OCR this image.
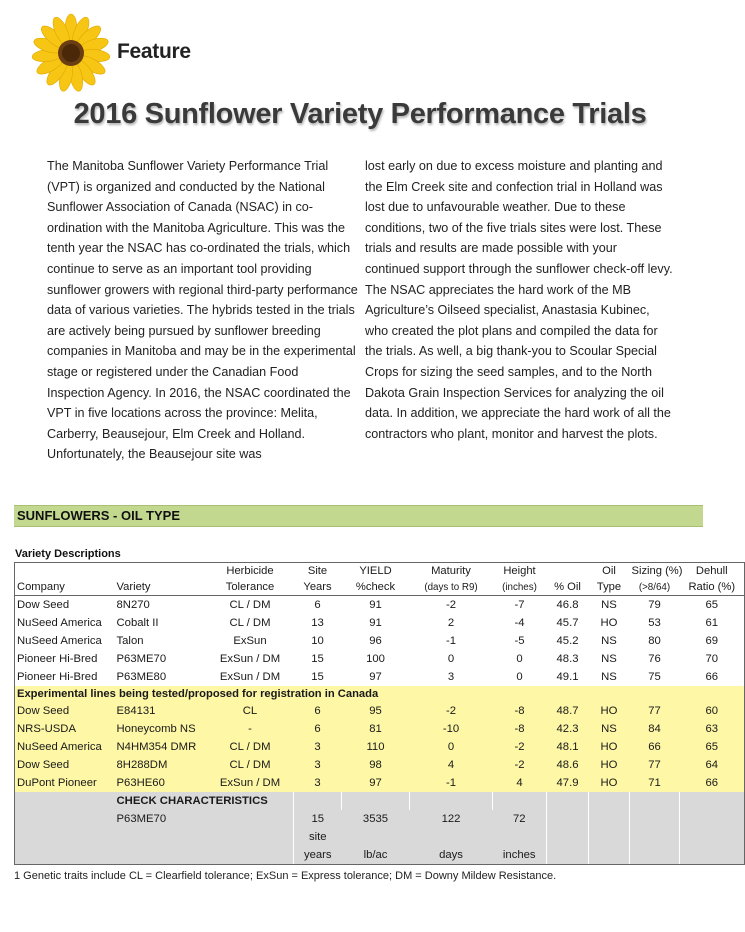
Feature
2016 Sunflower Variety Performance Trials

The Manitoba Sunflower Variety Performance Trial (VPT) is organized and conducted by the National Sunflower Association of Canada (NSAC) in co-ordination with the Manitoba Agriculture. This was the tenth year the NSAC has co-ordinated the trials, which continue to serve as an important tool providing sunflower growers with regional third-party performance data of various varieties. The hybrids tested in the trials are actively being pursued by sunflower breeding companies in Manitoba and may be in the experimental stage or registered under the Canadian Food Inspection Agency. In 2016, the NSAC coordinated the VPT in five locations across the province: Melita, Carberry, Beausejour, Elm Creek and Holland. Unfortunately, the Beausejour site was

lost early on due to excess moisture and planting and the Elm Creek site and confection trial in Holland was lost due to unfavourable weather. Due to these conditions, two of the five trials sites were lost. These trials and results are made possible with your continued support through the sunflower check-off levy. The NSAC appreciates the hard work of the MB Agriculture’s Oilseed specialist, Anastasia Kubinec, who created the plot plans and compiled the data for the trials. As well, a big thank-you to Scoular Special Crops for sizing the seed samples, and to the North Dakota Grain Inspection Services for analyzing the oil data. In addition, we appreciate the hard work of all the contractors who plant, monitor and harvest the plots.

SUNFLOWERS - OIL TYPE
Variety Descriptions
		Herbicide	Site	YIELD	Maturity	Height		Oil	Sizing (%)	Dehull
Company	Variety	Tolerance	Years	%check	(days to R9)	(inches)	% Oil	Type	(>8/64)	Ratio (%)
Dow Seed	8N270	CL / DM	6	91	-2	-7	46.8	NS	79	65
NuSeed America	Cobalt II	CL / DM	13	91	2	-4	45.7	HO	53	61
NuSeed America	Talon	ExSun	10	96	-1	-5	45.2	NS	80	69
Pioneer Hi-Bred	P63ME70	ExSun / DM	15	100	0	0	48.3	NS	76	70
Pioneer Hi-Bred	P63ME80	ExSun / DM	15	97	3	0	49.1	NS	75	66
Experimental lines being tested/proposed for registration in Canada										
Dow Seed	E84131	CL	6	95	-2	-8	48.7	HO	77	60
NRS-USDA	Honeycomb NS	-	6	81	-10	-8	42.3	NS	84	63
NuSeed America	N4HM354 DMR	CL / DM	3	110	0	-2	48.1	HO	66	65
Dow Seed	8H288DM	CL / DM	3	98	4	-2	48.6	HO	77	64
DuPont Pioneer	P63HE60	ExSun / DM	3	97	-1	4	47.9	HO	71	66
	CHECK CHARACTERISTICS									
	P63ME70		15	3535	122	72				
			site							
			years	lb/ac	days	inches				
1 Genetic traits include CL = Clearfield tolerance; ExSun = Express tolerance; DM = Downy Mildew Resistance.
